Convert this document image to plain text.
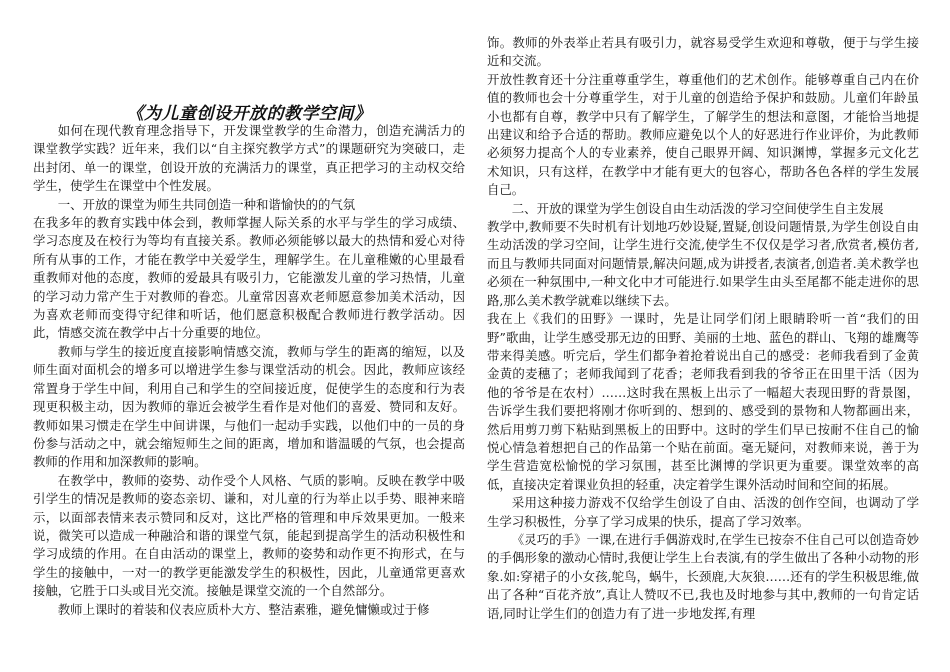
《为儿童创设开放的教学空间》

如何在现代教育理念指导下，开发课堂教学的生命潜力，创造充满活力的课堂教学实践？近年来，我们以“自主探究教学方式”的课题研究为突破口，走出封闭、单一的课堂，创设开放的充满活力的课堂，真正把学习的主动权交给学生，使学生在课堂中个性发展。

一、开放的课堂为师生共同创造一种和谐愉快的的气氛

在我多年的教育实践中体会到，教师掌握人际关系的水平与学生的学习成绩、学习态度及在校行为等均有直接关系。教师必须能够以最大的热情和爱心对待所有从事的工作，才能在教学中关爱学生，理解学生。在儿童稚嫩的心里最看重教师对他的态度，教师的爱最具有吸引力，它能激发儿童的学习热情，儿童的学习动力常产生于对教师的眷恋。儿童常因喜欢老师愿意参加美术活动，因为喜欢老师而变得守纪律和听话，他们愿意积极配合教师进行教学活动。因此，情感交流在教学中占十分重要的地位。

教师与学生的接近度直接影响情感交流，教师与学生的距离的缩短，以及师生面对面机会的增多可以增进学生参与课堂活动的机会。因此，教师应该经常置身于学生中间，利用自己和学生的空间接近度，促使学生的态度和行为表现更积极主动，因为教师的靠近会被学生看作是对他们的喜爱、赞同和友好。教师如果习惯走在学生中间讲课，与他们一起动手实践，以他们中的一员的身份参与活动之中，就会缩短师生之间的距离，增加和谐温暖的气氛，也会提高教师的作用和加深教师的影响。

在教学中，教师的姿势、动作受个人风格、气质的影响。反映在教学中吸引学生的情况是教师的姿态亲切、谦和，对儿童的行为举止以手势、眼神来暗示，以面部表情来表示赞同和反对，这比严格的管理和申斥效果更加。一般来说，微笑可以造成一种融洽和谐的课堂气氛，能起到提高学生的活动积极性和学习成绩的作用。在自由活动的课堂上，教师的姿势和动作更不拘形式，在与学生的接触中，一对一的教学更能激发学生的积极性，因此，儿童通常更喜欢接触，它胜于口头或目光交流。接触是课堂交流的一个自然部分。

教师上课时的着装和仪表应质朴大方、整洁素雅，避免慵懒或过于修

饰。教师的外表举止若具有吸引力，就容易受学生欢迎和尊敬，便于与学生接近和交流。

开放性教育还十分注重尊重学生，尊重他们的艺术创作。能够尊重自己内在价值的教师也会十分尊重学生，对于儿童的创造给予保护和鼓励。儿童们年龄虽小也都有自尊，教学中只有了解学生，了解学生的想法和意图，才能恰当地提出建议和给予合适的帮助。教师应避免以个人的好恶进行作业评价，为此教师必须努力提高个人的专业素养，使自己眼界开阔、知识渊博，掌握多元文化艺术知识，只有这样，在教学中才能有更大的包容心，帮助各色各样的学生发展自己。

二、开放的课堂为学生创设自由生动活泼的学习空间使学生自主发展

教学中,教师要不失时机有计划地巧妙设疑,置疑,创设问题情景,为学生创设自由生动活泼的学习空间，让学生进行交流,使学生不仅仅是学习者,欣赏者,模仿者,而且与教师共同面对问题情景,解决问题,成为讲授者,表演者,创造者.美术教学也必须在一种氛围中,一种文化中才可能进行.如果学生由头至尾都不能走进你的思路,那么美术教学就难以继续下去。

我在上《我们的田野》一课时，先是让同学们闭上眼睛聆听一首“我们的田野”歌曲，让学生感受那无边的田野、美丽的土地、蓝色的群山、飞翔的雄鹰等带来得美感。听完后，学生们都争着抢着说出自己的感受：老师我看到了金黄金黄的麦穗了；老师我闻到了花香；老师我看到我的爷爷正在田里干活（因为他的爷爷是在农村）……这时我在黑板上出示了一幅超大表现田野的背景图，告诉学生我们要把将刚才你听到的、想到的、感受到的景物和人物都画出来，然后用剪刀剪下粘贴到黑板上的田野中。这时的学生们早已按耐不住自己的愉悦心情急着想把自己的作品第一个贴在前面。毫无疑问，对教师来说，善于为学生营造宽松愉悦的学习氛围，甚至比渊博的学识更为重要。课堂效率的高低，直接决定着课业负担的轻重，决定着学生课外活动时间和空间的拓展。

采用这种接力游戏不仅给学生创设了自由、活泼的创作空间，也调动了学生学习积极性，分享了学习成果的快乐，提高了学习效率。

《灵巧的手》一课,在进行手偶游戏时,在学生已按奈不住自己可以创造奇妙的手偶形象的激动心情时,我便让学生上台表演,有的学生做出了各种小动物的形象.如:穿裙子的小女孩,鸵鸟，蜗牛，长颈鹿,大灰狼……还有的学生积极思维,做出了各种“百花齐放”,真让人赞叹不已,我也及时地参与其中,教师的一句肯定话语,同时让学生们的创造力有了进一步地发挥,有理
